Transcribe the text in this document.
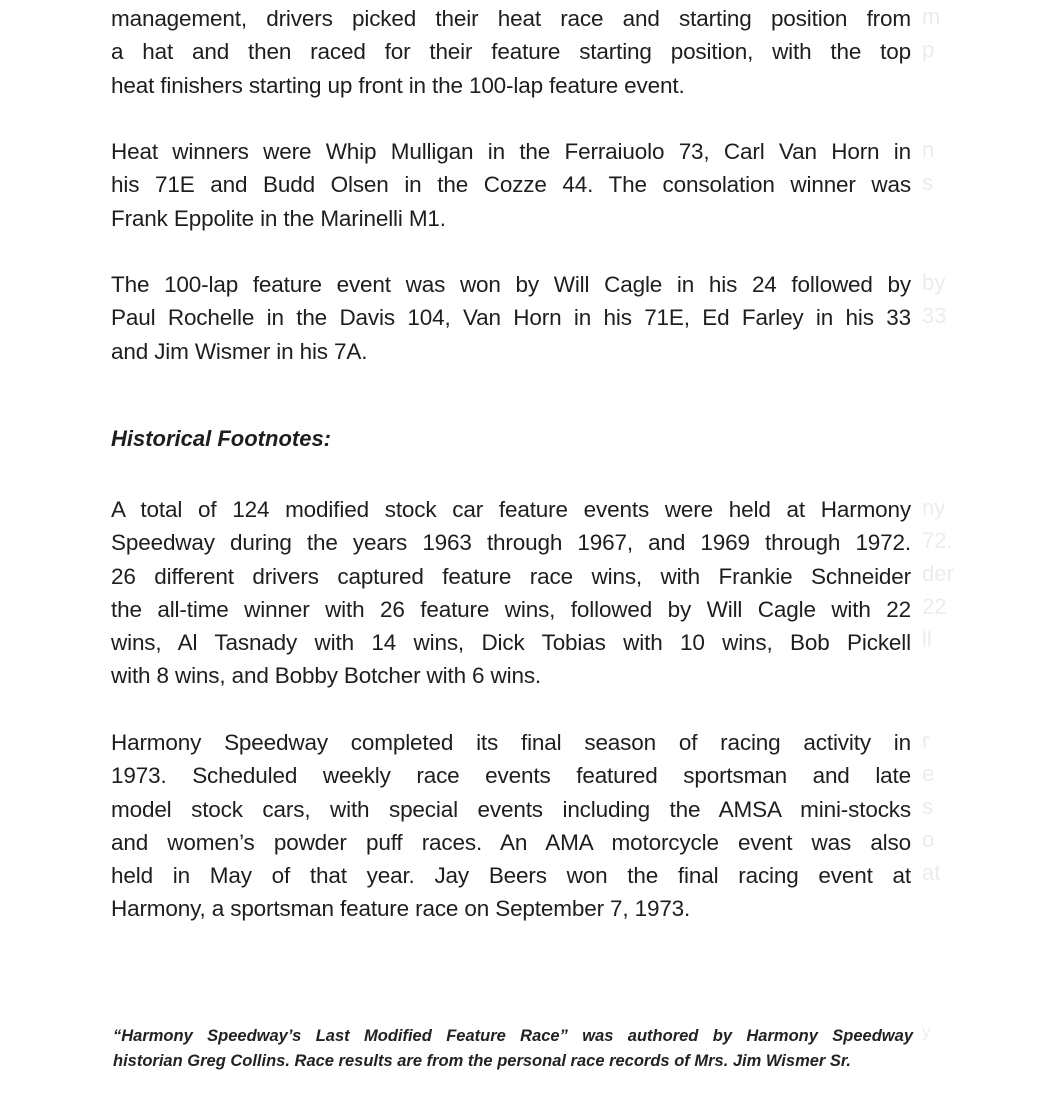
management, drivers picked their heat race and starting position from
a hat and then raced for their feature starting position, with the top
heat finishers starting up front in the 100-lap feature event.
Heat winners were Whip Mulligan in the Ferraiuolo 73, Carl Van Horn in
his 71E and Budd Olsen in the Cozze 44. The consolation winner was
Frank Eppolite in the Marinelli M1.
The 100-lap feature event was won by Will Cagle in his 24 followed by
Paul Rochelle in the Davis 104, Van Horn in his 71E, Ed Farley in his 33
and Jim Wismer in his 7A.
Historical Footnotes:
A total of 124 modified stock car feature events were held at Harmony
Speedway during the years 1963 through 1967, and 1969 through 1972.
26 different drivers captured feature race wins, with Frankie Schneider
the all-time winner with 26 feature wins, followed by Will Cagle with 22
wins, Al Tasnady with 14 wins, Dick Tobias with 10 wins, Bob Pickell
with 8 wins, and Bobby Botcher with 6 wins.
Harmony Speedway completed its final season of racing activity in
1973. Scheduled weekly race events featured sportsman and late
model stock cars, with special events including the AMSA mini-stocks
and women’s powder puff races. An AMA motorcycle event was also
held in May of that year. Jay Beers won the final racing event at
Harmony, a sportsman feature race on September 7, 1973.
“Harmony Speedway’s Last Modified Feature Race” was authored by Harmony Speedway
historian Greg Collins. Race results are from the personal race records of Mrs. Jim Wismer Sr.
m
p
n
s
by
33
ny
72.
der
22
ll
r
e
s
o
at
y
